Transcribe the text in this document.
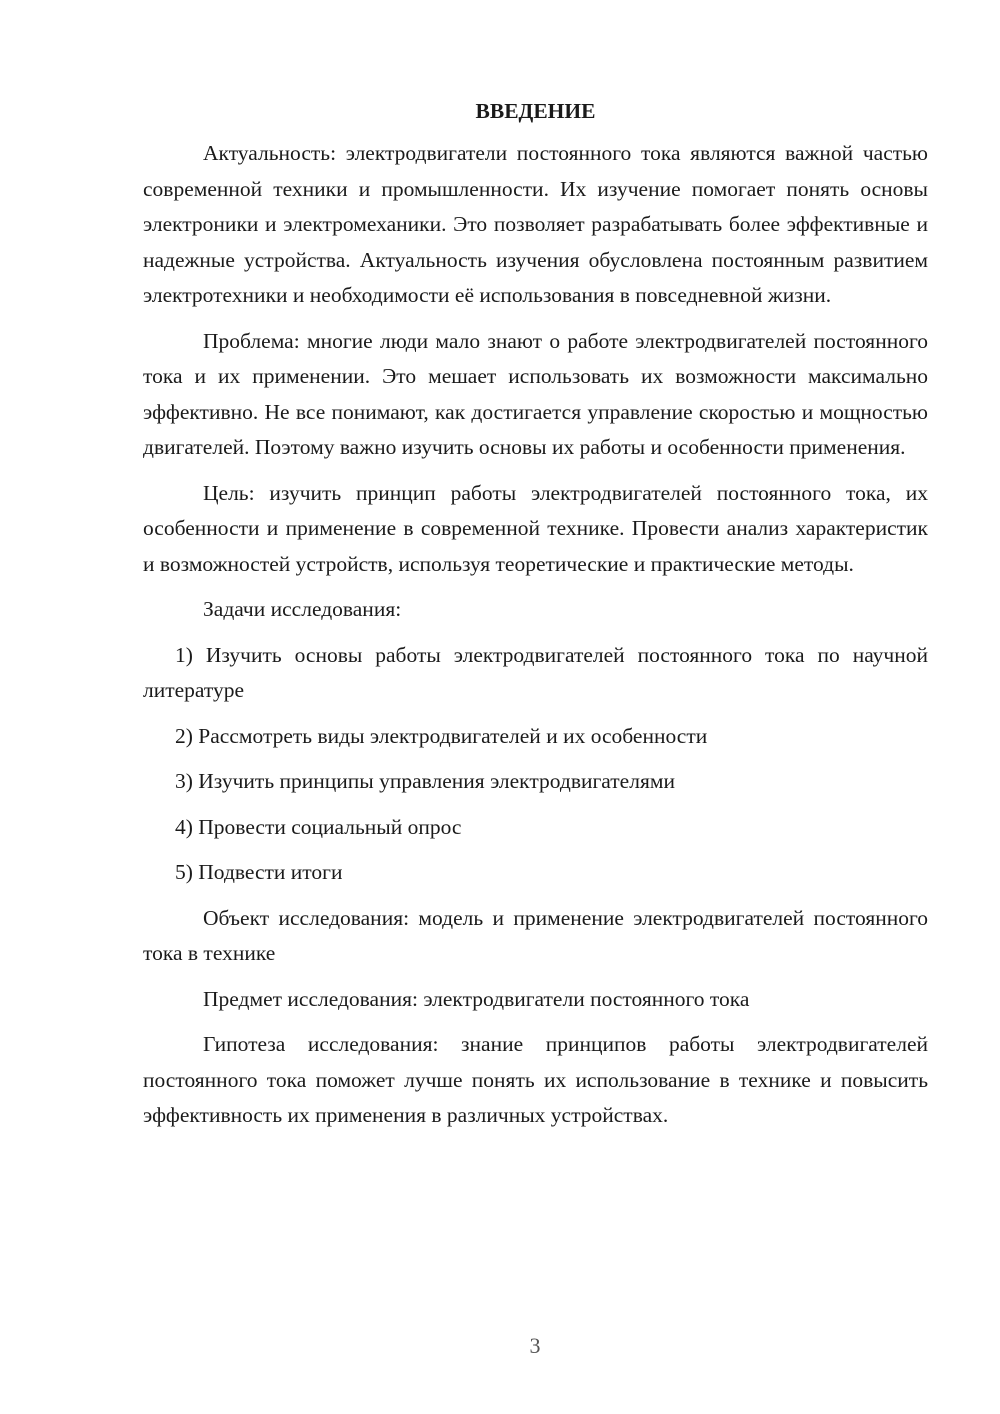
ВВЕДЕНИЕ
Актуальность: электродвигатели постоянного тока являются важной частью современной техники и промышленности. Их изучение помогает понять основы электроники и электромеханики. Это позволяет разрабатывать более эффективные и надежные устройства. Актуальность изучения обусловлена постоянным развитием электротехники и необходимости её использования в повседневной жизни.
Проблема: многие люди мало знают о работе электродвигателей постоянного тока и их применении. Это мешает использовать их возможности максимально эффективно. Не все понимают, как достигается управление скоростью и мощностью двигателей. Поэтому важно изучить основы их работы и особенности применения.
Цель: изучить принцип работы электродвигателей постоянного тока, их особенности и применение в современной технике. Провести анализ характеристик и возможностей устройств, используя теоретические и практические методы.
Задачи исследования:
1) Изучить основы работы электродвигателей постоянного тока по научной литературе
2) Рассмотреть виды электродвигателей и их особенности
3) Изучить принципы управления электродвигателями
4) Провести социальный опрос
5) Подвести итоги
Объект исследования: модель и применение электродвигателей постоянного тока в технике
Предмет исследования: электродвигатели постоянного тока
Гипотеза исследования: знание принципов работы электродвигателей постоянного тока поможет лучше понять их использование в технике и повысить эффективность их применения в различных устройствах.
3
